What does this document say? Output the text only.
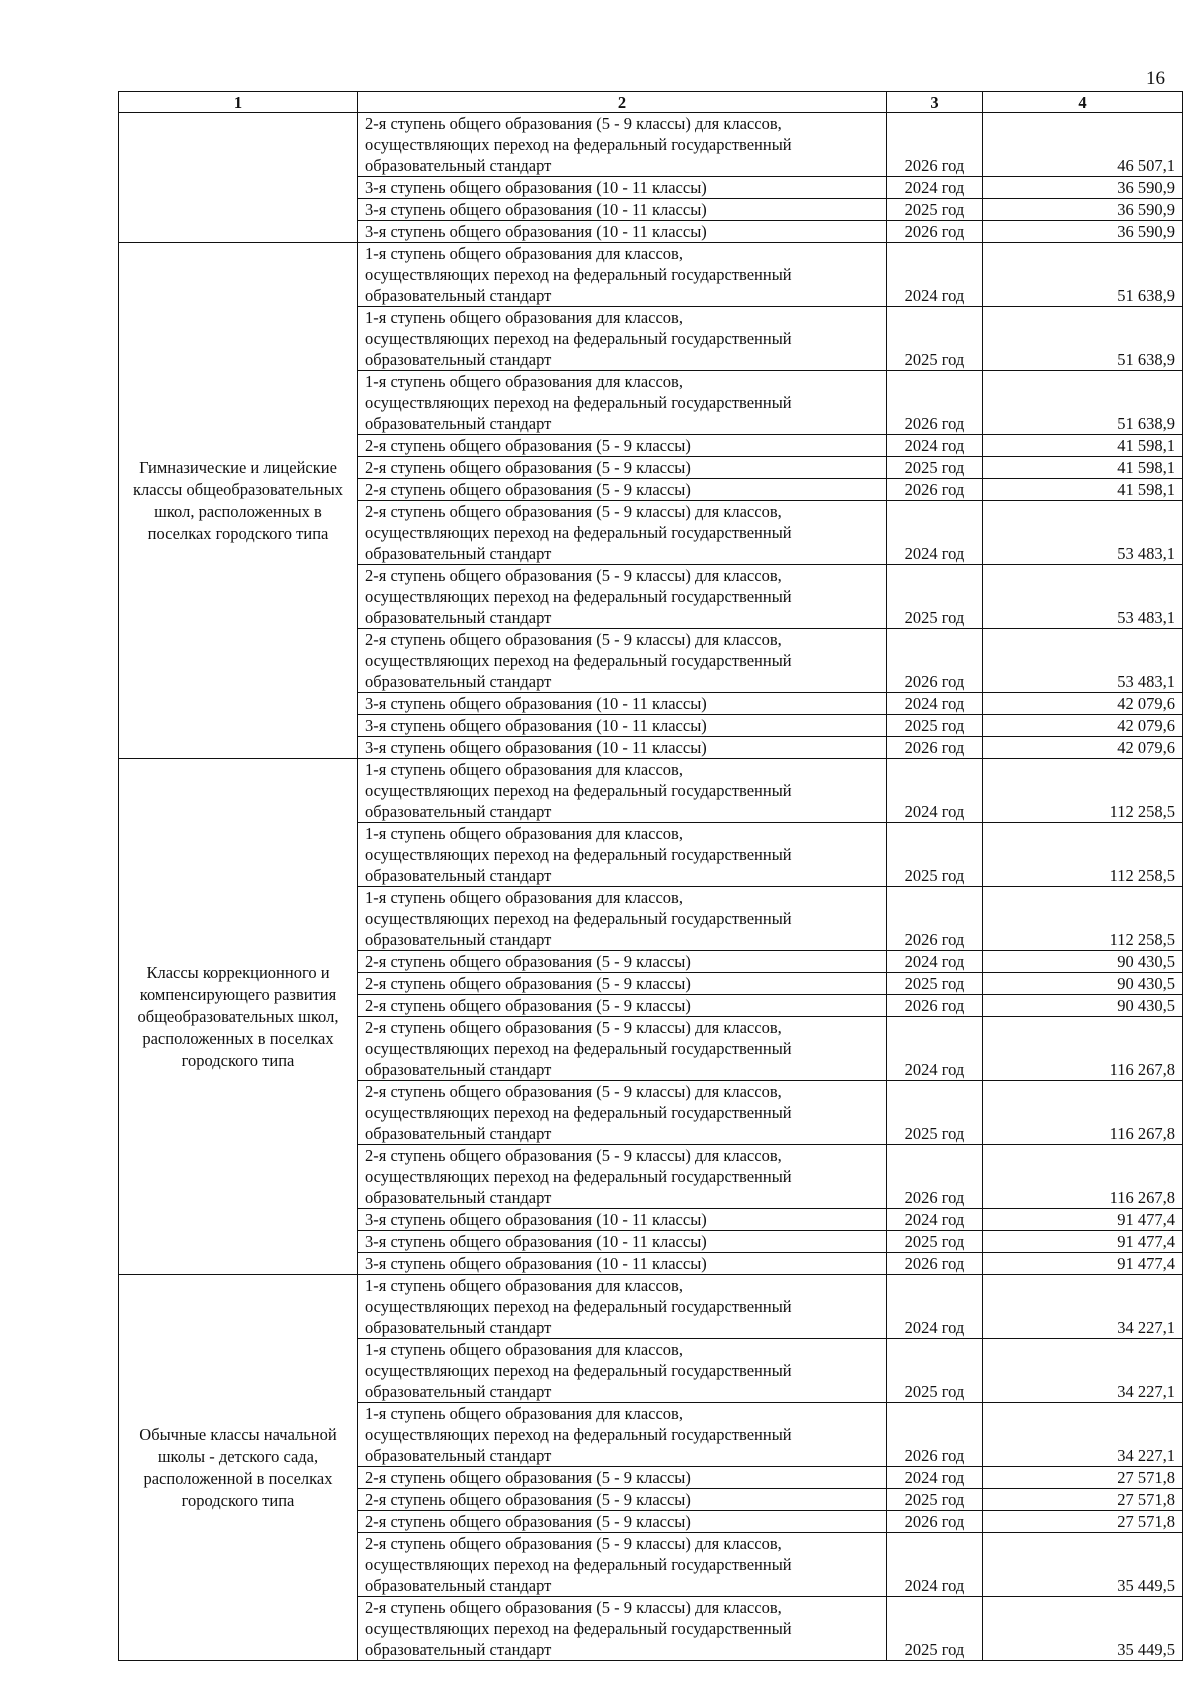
16
1	2	3	4

	2-я ступень общего образования (5 - 9 классы) для классов,
осуществляющих переход на федеральный государственный
образовательный стандарт	2026 год	46 507,1

	3-я ступень общего образования (10 - 11 классы)	2024 год	36 590,9

	3-я ступень общего образования (10 - 11 классы)	2025 год	36 590,9

	3-я ступень общего образования (10 - 11 классы)	2026 год	36 590,9
Гимназические и лицейские классы общеобразовательных школ, расположенных в поселках городского типа	1-я ступень общего образования для классов,
осуществляющих переход на федеральный государственный
образовательный стандарт	2024 год	51 638,9

	1-я ступень общего образования для классов,
осуществляющих переход на федеральный государственный
образовательный стандарт	2025 год	51 638,9

	1-я ступень общего образования для классов,
осуществляющих переход на федеральный государственный
образовательный стандарт	2026 год	51 638,9

	2-я ступень общего образования (5 - 9 классы)	2024 год	41 598,1

	2-я ступень общего образования (5 - 9 классы)	2025 год	41 598,1

	2-я ступень общего образования (5 - 9 классы)	2026 год	41 598,1

	2-я ступень общего образования (5 - 9 классы) для классов,
осуществляющих переход на федеральный государственный
образовательный стандарт	2024 год	53 483,1

	2-я ступень общего образования (5 - 9 классы) для классов,
осуществляющих переход на федеральный государственный
образовательный стандарт	2025 год	53 483,1

	2-я ступень общего образования (5 - 9 классы) для классов,
осуществляющих переход на федеральный государственный
образовательный стандарт	2026 год	53 483,1

	3-я ступень общего образования (10 - 11 классы)	2024 год	42 079,6

	3-я ступень общего образования (10 - 11 классы)	2025 год	42 079,6

	3-я ступень общего образования (10 - 11 классы)	2026 год	42 079,6
Классы коррекционного и компенсирующего развития общеобразовательных школ, расположенных в поселках городского типа	1-я ступень общего образования для классов,
осуществляющих переход на федеральный государственный
образовательный стандарт	2024 год	112 258,5

	1-я ступень общего образования для классов,
осуществляющих переход на федеральный государственный
образовательный стандарт	2025 год	112 258,5

	1-я ступень общего образования для классов,
осуществляющих переход на федеральный государственный
образовательный стандарт	2026 год	112 258,5

	2-я ступень общего образования (5 - 9 классы)	2024 год	90 430,5

	2-я ступень общего образования (5 - 9 классы)	2025 год	90 430,5

	2-я ступень общего образования (5 - 9 классы)	2026 год	90 430,5

	2-я ступень общего образования (5 - 9 классы) для классов,
осуществляющих переход на федеральный государственный
образовательный стандарт	2024 год	116 267,8

	2-я ступень общего образования (5 - 9 классы) для классов,
осуществляющих переход на федеральный государственный
образовательный стандарт	2025 год	116 267,8

	2-я ступень общего образования (5 - 9 классы) для классов,
осуществляющих переход на федеральный государственный
образовательный стандарт	2026 год	116 267,8

	3-я ступень общего образования (10 - 11 классы)	2024 год	91 477,4

	3-я ступень общего образования (10 - 11 классы)	2025 год	91 477,4

	3-я ступень общего образования (10 - 11 классы)	2026 год	91 477,4
Обычные классы начальной школы - детского сада, расположенной в поселках городского типа	1-я ступень общего образования для классов,
осуществляющих переход на федеральный государственный
образовательный стандарт	2024 год	34 227,1

	1-я ступень общего образования для классов,
осуществляющих переход на федеральный государственный
образовательный стандарт	2025 год	34 227,1

	1-я ступень общего образования для классов,
осуществляющих переход на федеральный государственный
образовательный стандарт	2026 год	34 227,1

	2-я ступень общего образования (5 - 9 классы)	2024 год	27 571,8

	2-я ступень общего образования (5 - 9 классы)	2025 год	27 571,8

	2-я ступень общего образования (5 - 9 классы)	2026 год	27 571,8

	2-я ступень общего образования (5 - 9 классы) для классов,
осуществляющих переход на федеральный государственный
образовательный стандарт	2024 год	35 449,5

	2-я ступень общего образования (5 - 9 классы) для классов,
осуществляющих переход на федеральный государственный
образовательный стандарт	2025 год	35 449,5
